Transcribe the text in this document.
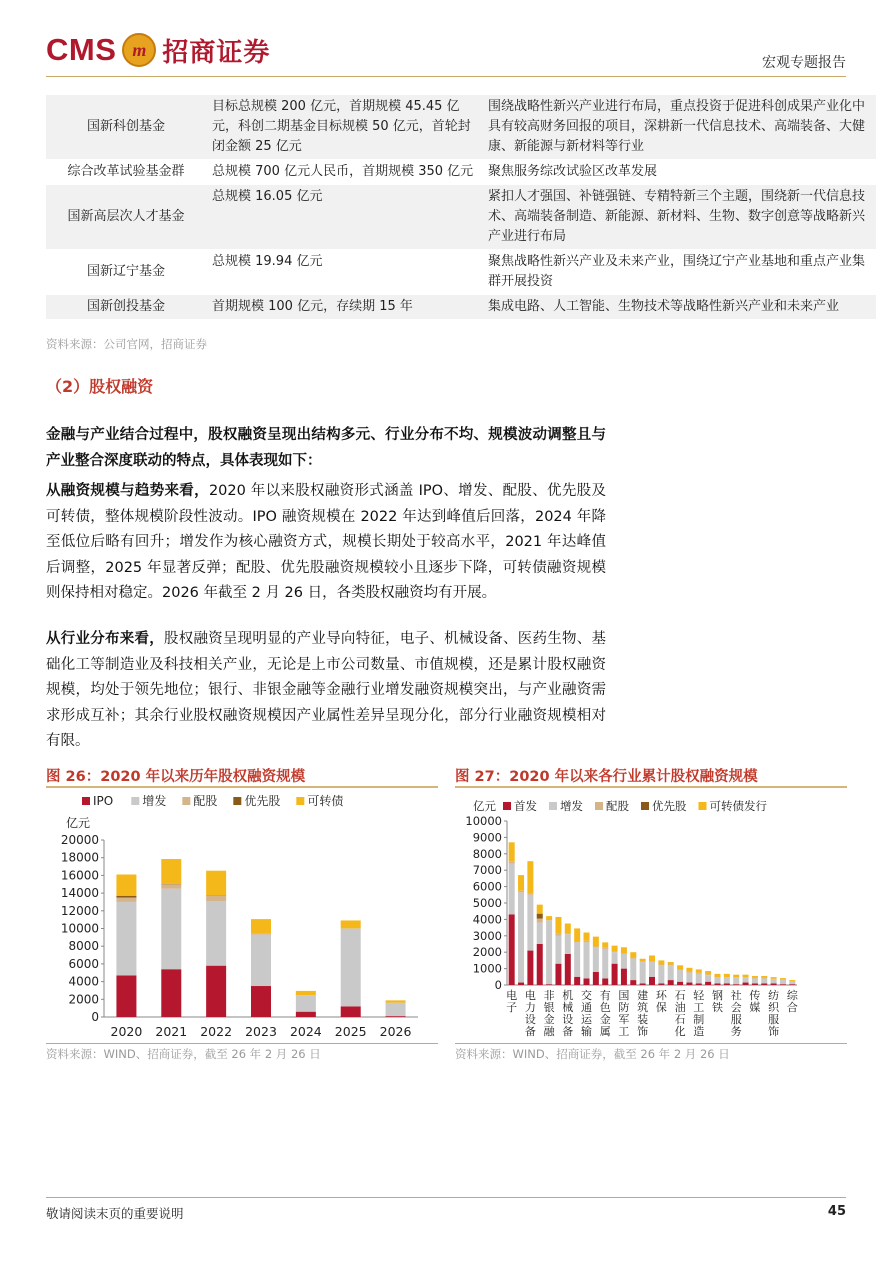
CMS m 招商证券	宏观专题报告
国新科创基金	目标总规模 200 亿元，首期规模 45.45 亿元，科创二期基金目标规模 50 亿元，首轮封闭金额 25 亿元	围绕战略性新兴产业进行布局，重点投资于促进科创成果产业化中具有较高财务回报的项目，深耕新一代信息技术、高端装备、大健康、新能源与新材料等行业
综合改革试验基金群	总规模 700 亿元人民币，首期规模 350 亿元	聚焦服务综改试验区改革发展
国新高层次人才基金	总规模 16.05 亿元	紧扣人才强国、补链强链、专精特新三个主题，围绕新一代信息技术、高端装备制造、新能源、新材料、生物、数字创意等战略新兴产业进行布局
国新辽宁基金	总规模 19.94 亿元	聚焦战略性新兴产业及未来产业，围绕辽宁产业基地和重点产业集群开展投资
国新创投基金	首期规模 100 亿元，存续期 15 年	集成电路、人工智能、生物技术等战略性新兴产业和未来产业
资料来源：公司官网，招商证券
（2）股权融资
金融与产业结合过程中，股权融资呈现出结构多元、行业分布不均、规模波动调整且与产业整合深度联动的特点，具体表现如下：
从融资规模与趋势来看，2020 年以来股权融资形式涵盖 IPO、增发、配股、优先股及可转债，整体规模阶段性波动。IPO 融资规模在 2022 年达到峰值后回落，2024 年降至低位后略有回升；增发作为核心融资方式，规模长期处于较高水平，2021 年达峰值后调整，2025 年显著反弹；配股、优先股融资规模较小且逐步下降，可转债融资规模则保持相对稳定。2026 年截至 2 月 26 日，各类股权融资均有开展。
从行业分布来看，股权融资呈现明显的产业导向特征，电子、机械设备、医药生物、基础化工等制造业及科技相关产业，无论是上市公司数量、市值规模，还是累计股权融资规模，均处于领先地位；银行、非银金融等金融行业增发融资规模突出，与产业融资需求形成互补；其余行业股权融资规模因产业属性差异呈现分化，部分行业融资规模相对有限。
图 26：2020 年以来历年股权融资规模
IPO 增发 配股 优先股 可转债
亿元
0
2000
4000
6000
8000
10000
12000
14000
16000
18000
20000
2020 2021 2022 2023 2024 2025 2026
资料来源：WIND、招商证券，截至 26 年 2 月 26 日
图 27：2020 年以来各行业累计股权融资规模
亿元 首发 增发 配股 优先股 可转债发行
0
1000
2000
3000
4000
5000
6000
7000
8000
9000
10000
电子
电力设备
非银金融
机械设备
交通运输
有色金属
国防军工
建筑装饰
环保
石油石化
轻工制造
钢铁
社会服务
传媒
纺织服饰
综合
资料来源：WIND、招商证券，截至 26 年 2 月 26 日
敬请阅读末页的重要说明	45
